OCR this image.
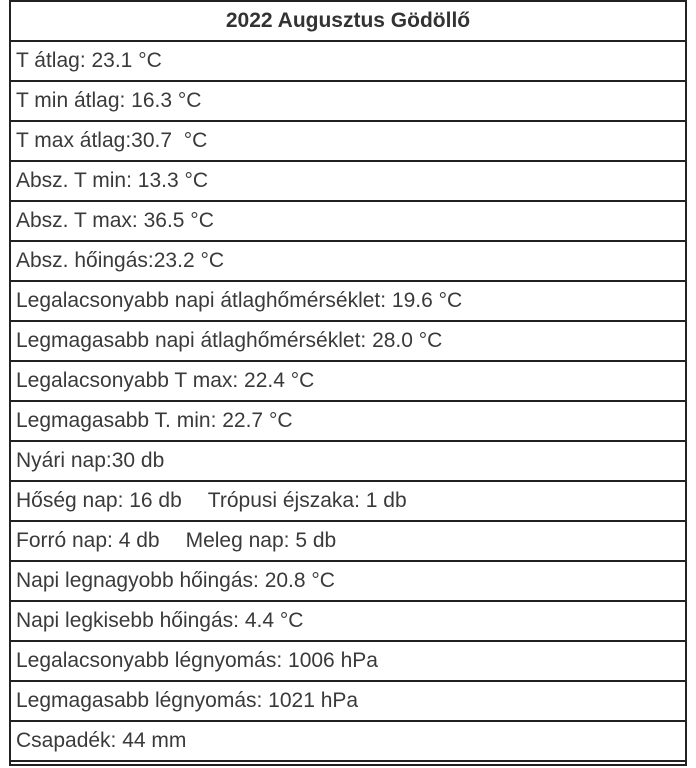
2022 Augusztus Gödöllő
T átlag: 23.1 °C
T min átlag: 16.3 °C
T max átlag:30.7  °C
Absz. T min: 13.3 °C
Absz. T max: 36.5 °C
Absz. hőingás:23.2 °C
Legalacsonyabb napi átlaghőmérséklet: 19.6 °C
Legmagasabb napi átlaghőmérséklet: 28.0 °C
Legalacsonyabb T max: 22.4 °C
Legmagasabb T. min: 22.7 °C
Nyári nap:30 db
Hőség nap: 16 db Trópusi éjszaka: 1 db
Forró nap: 4 db Meleg nap: 5 db
Napi legnagyobb hőingás: 20.8 °C
Napi legkisebb hőingás: 4.4 °C
Legalacsonyabb légnyomás: 1006 hPa
Legmagasabb légnyomás: 1021 hPa
Csapadék: 44 mm
